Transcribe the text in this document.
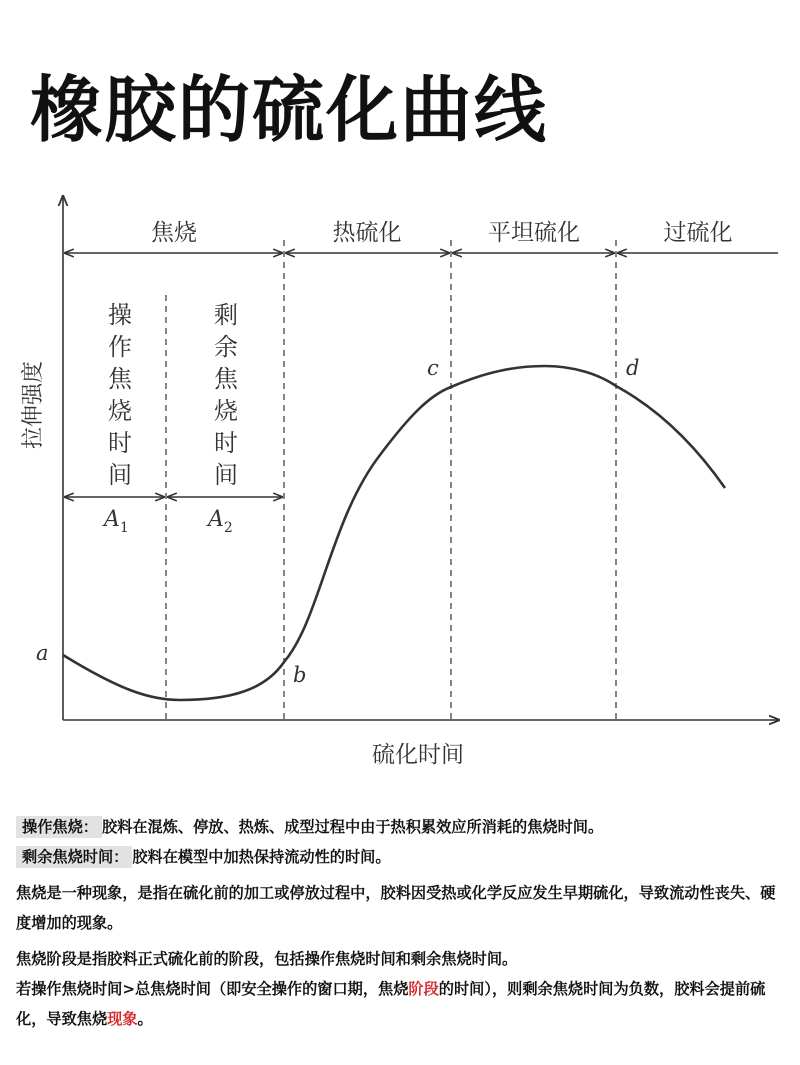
橡胶的硫化曲线
焦烧	热硫化	平坦硫化	过硫化
操
作
焦
烧
时
间
剩
余
焦
烧
时
间
$A_1$	$A_2$
拉伸强度
硫化时间
a
b
c	d

操作焦烧： 胶料在混炼、停放、热炼、成型过程中由于热积累效应所消耗的焦烧时间。

剩余焦烧时间： 胶料在模型中加热保持流动性的时间。

焦烧是一种现象，是指在硫化前的加工或停放过程中，胶料因受热或化学反应发生早期硫化，导致流动性丧失、硬度增加的现象。

焦烧阶段是指胶料正式硫化前的阶段，包括操作焦烧时间和剩余焦烧时间。

若操作焦烧时间>总焦烧时间（即安全操作的窗口期，焦烧阶段的时间），则剩余焦烧时间为负数，胶料会提前硫化，导致焦烧现象。
